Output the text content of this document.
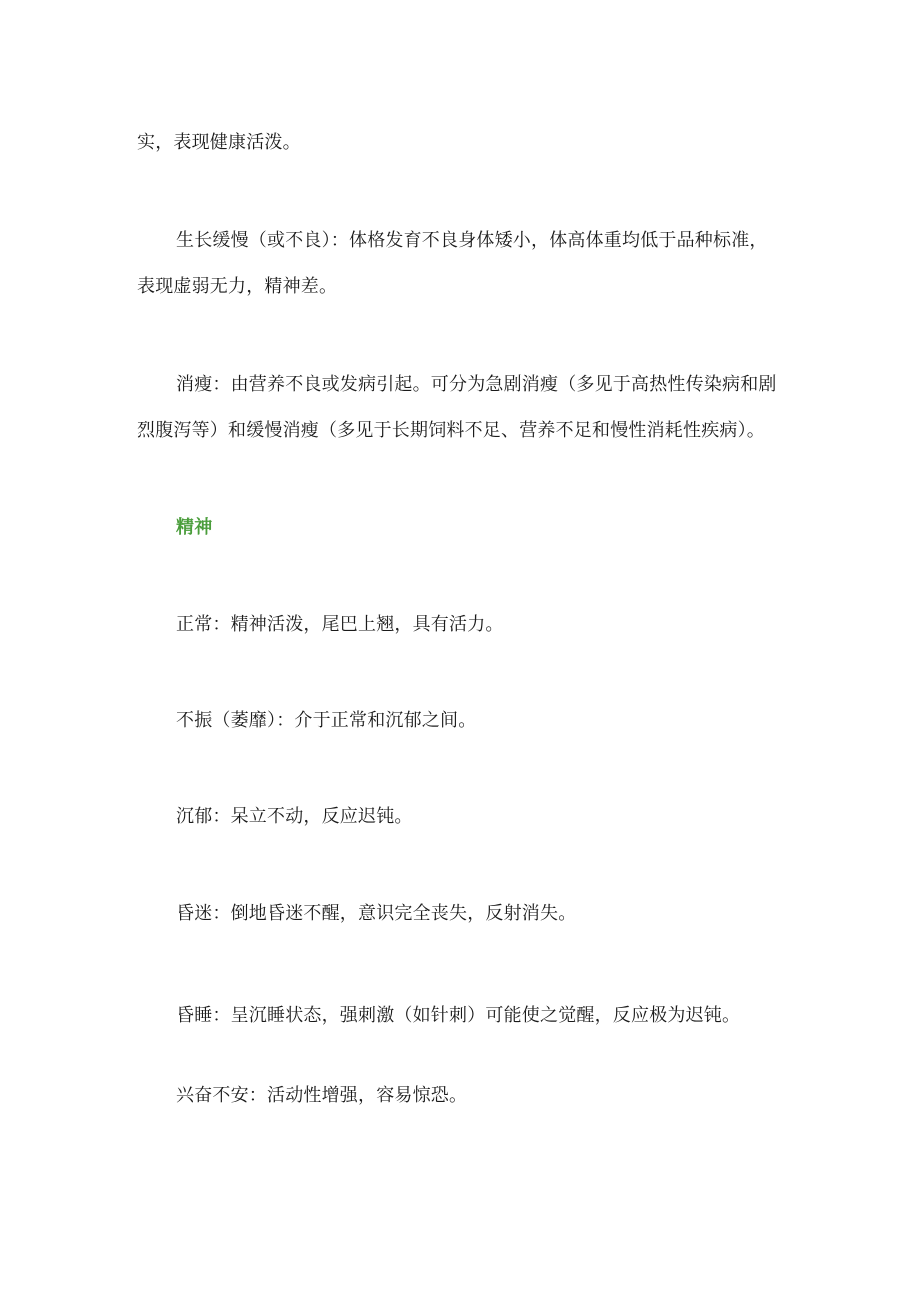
实，表现健康活泼。
生长缓慢（或不良）：体格发育不良身体矮小，体高体重均低于品种标准，
表现虚弱无力，精神差。
消瘦：由营养不良或发病引起。可分为急剧消瘦（多见于高热性传染病和剧
烈腹泻等）和缓慢消瘦（多见于长期饲料不足、营养不足和慢性消耗性疾病）。
精神
正常：精神活泼，尾巴上翘，具有活力。
不振（萎靡）：介于正常和沉郁之间。
沉郁：呆立不动，反应迟钝。
昏迷：倒地昏迷不醒，意识完全丧失，反射消失。
昏睡：呈沉睡状态，强刺激（如针刺）可能使之觉醒，反应极为迟钝。
兴奋不安：活动性增强，容易惊恐。
